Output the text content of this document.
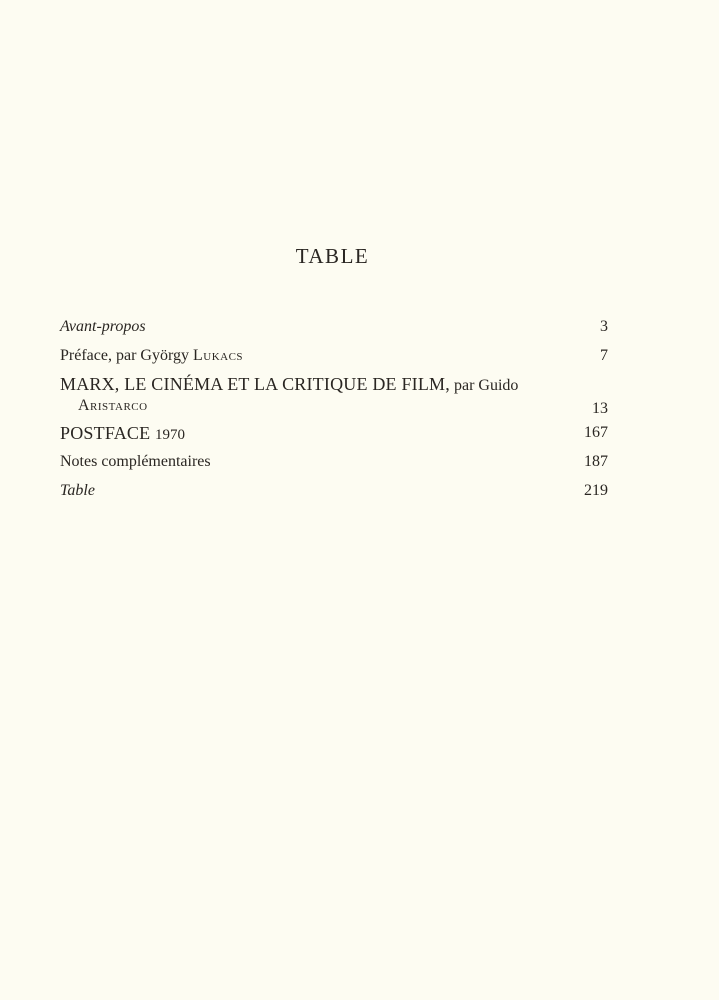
TABLE
Avant-propos	3
Préface, par György Lukacs	7
MARX, LE CINÉMA ET LA CRITIQUE DE FILM, par Guido
Aristarco	13
POSTFACE 1970	167
Notes complémentaires	187
Table	219
